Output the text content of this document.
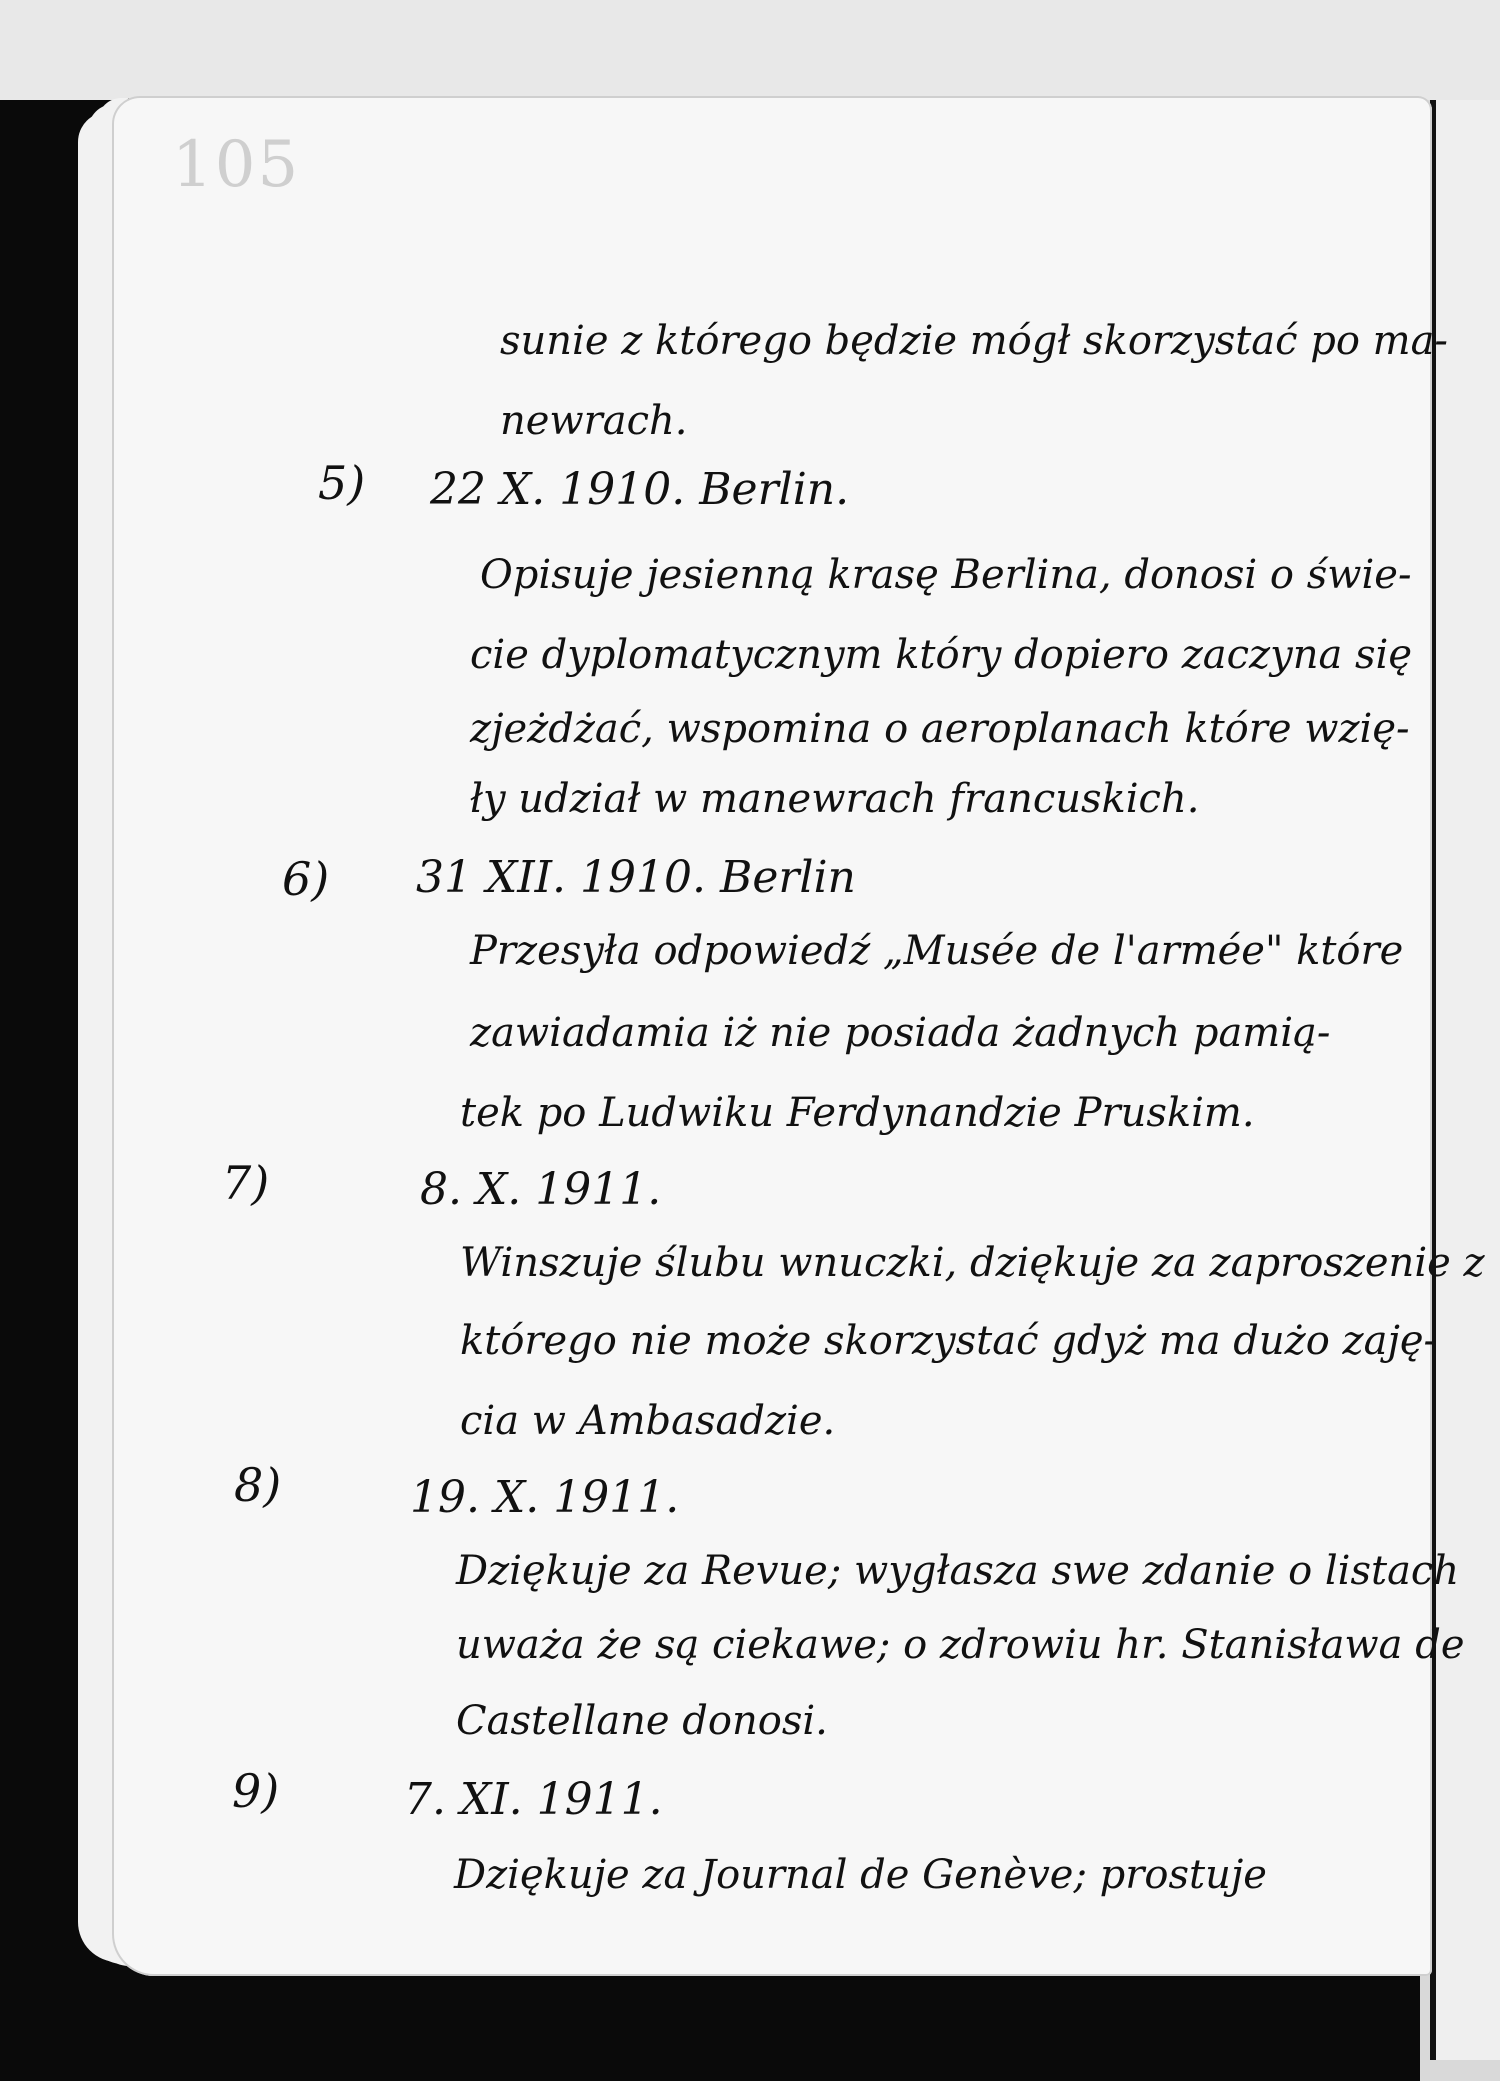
105
sunie z którego będzie mógł skorzystać po ma-
newrach.
5) 22 X. 1910. Berlin.
Opisuje jesienną krasę Berlina, donosi o świe-
cie dyplomatycznym który dopiero zaczyna się
zjeżdżać, wspomina o aeroplanach które wzię-
ły udział w manewrach francuskich.
6) 31 XII. 1910. Berlin
Przesyła odpowiedź „Musée de l'armée" które
zawiadamia iż nie posiada żadnych pamią-
tek po Ludwiku Ferdynandzie Pruskim.
7)	8. X. 1911.
Winszuje ślubu wnuczki, dziękuje za zaproszenie z
którego nie może skorzystać gdyż ma dużo zaję-
cia w Ambasadzie.
8)	19. X. 1911.
Dziękuje za Revue; wygłasza swe zdanie o listach
uważa że są ciekawe; o zdrowiu hr. Stanisława de
Castellane donosi.
9)	7. XI. 1911.
Dziękuje za Journal de Genève; prostuje
